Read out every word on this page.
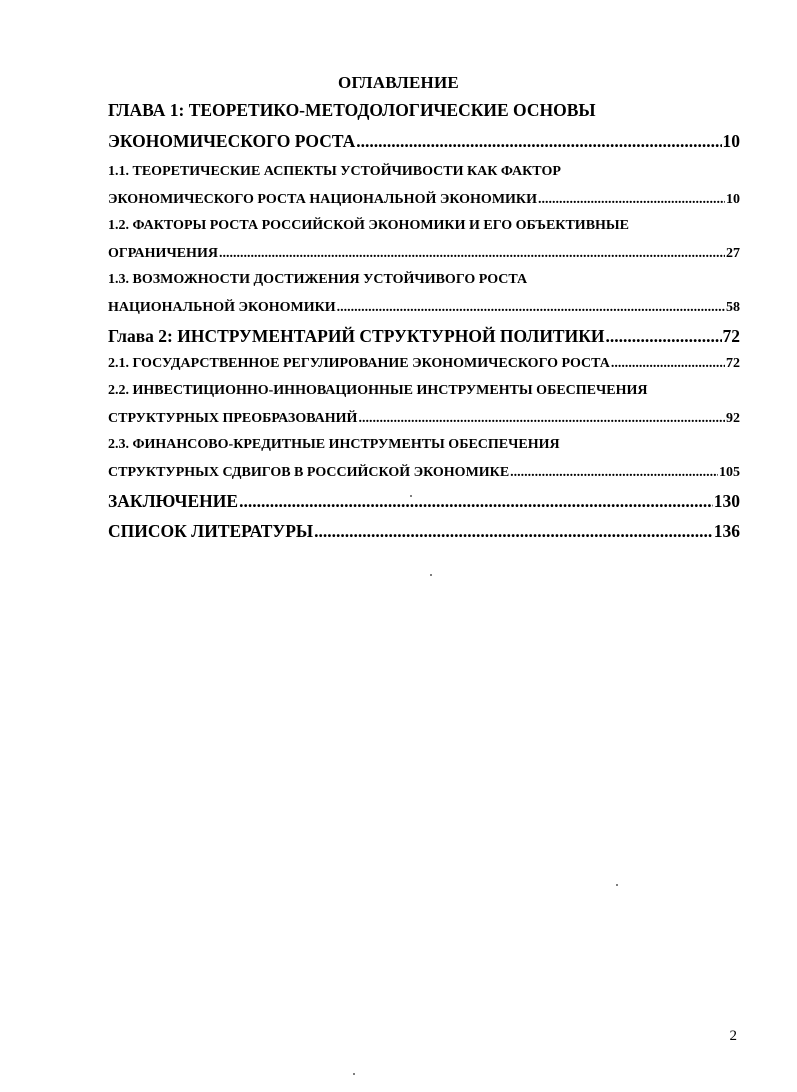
ОГЛАВЛЕНИЕ
ГЛАВА 1: ТЕОРЕТИКО-МЕТОДОЛОГИЧЕСКИЕ ОСНОВЫ
ЭКОНОМИЧЕСКОГО РОСТА .....	10
1.1. ТЕОРЕТИЧЕСКИЕ АСПЕКТЫ УСТОЙЧИВОСТИ КАК ФАКТОР
ЭКОНОМИЧЕСКОГО РОСТА НАЦИОНАЛЬНОЙ ЭКОНОМИКИ .....	10
1.2. ФАКТОРЫ РОСТА РОССИЙСКОЙ ЭКОНОМИКИ И ЕГО ОБЪЕКТИВНЫЕ
ОГРАНИЧЕНИЯ .....	27
1.3. ВОЗМОЖНОСТИ ДОСТИЖЕНИЯ УСТОЙЧИВОГО РОСТА
НАЦИОНАЛЬНОЙ ЭКОНОМИКИ .....	58
Глава 2: ИНСТРУМЕНТАРИЙ СТРУКТУРНОЙ ПОЛИТИКИ .....	72
2.1. ГОСУДАРСТВЕННОЕ РЕГУЛИРОВАНИЕ ЭКОНОМИЧЕСКОГО РОСТА .....	72
2.2. ИНВЕСТИЦИОННО-ИННОВАЦИОННЫЕ ИНСТРУМЕНТЫ ОБЕСПЕЧЕНИЯ
СТРУКТУРНЫХ ПРЕОБРАЗОВАНИЙ .....	92
2.3. ФИНАНСОВО-КРЕДИТНЫЕ ИНСТРУМЕНТЫ ОБЕСПЕЧЕНИЯ
СТРУКТУРНЫХ СДВИГОВ В РОССИЙСКОЙ ЭКОНОМИКЕ .....	105
ЗАКЛЮЧЕНИЕ .....	130
СПИСОК ЛИТЕРАТУРЫ .....	136
2
